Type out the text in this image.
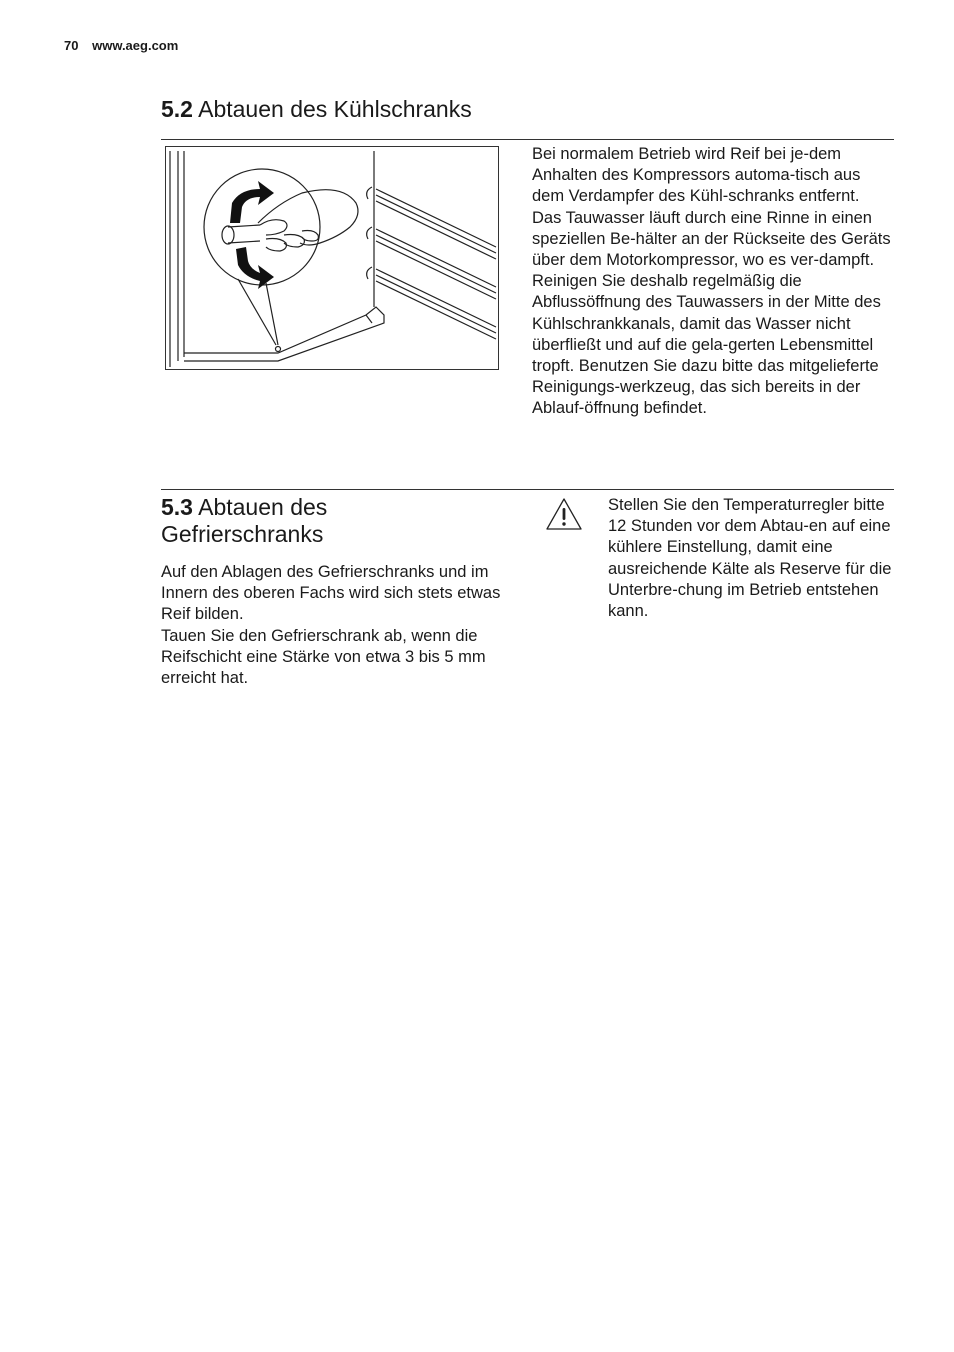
70 www.aeg.com
5.2 Abtauen des Kühlschranks

Bei normalem Betrieb wird Reif bei je-dem Anhalten des Kompressors automa-tisch aus dem Verdampfer des Kühl-schranks entfernt. Das Tauwasser läuft durch eine Rinne in einen speziellen Be-hälter an der Rückseite des Geräts über dem Motorkompressor, wo es ver-dampft.

Reinigen Sie deshalb regelmäßig die Abflussöffnung des Tauwassers in der Mitte des Kühlschrankkanals, damit das Wasser nicht überfließt und auf die gela-gerten Lebensmittel tropft. Benutzen Sie dazu bitte das mitgelieferte Reinigungs-werkzeug, das sich bereits in der Ablauf-öffnung befindet.

5.3 Abtauen des Gefrierschranks

Auf den Ablagen des Gefrierschranks und im Innern des oberen Fachs wird sich stets etwas Reif bilden.

Tauen Sie den Gefrierschrank ab, wenn die Reifschicht eine Stärke von etwa 3 bis 5 mm erreicht hat.

Stellen Sie den Temperaturregler bitte 12 Stunden vor dem Abtau-en auf eine kühlere Einstellung, damit eine ausreichende Kälte als Reserve für die Unterbre-chung im Betrieb entstehen kann.
